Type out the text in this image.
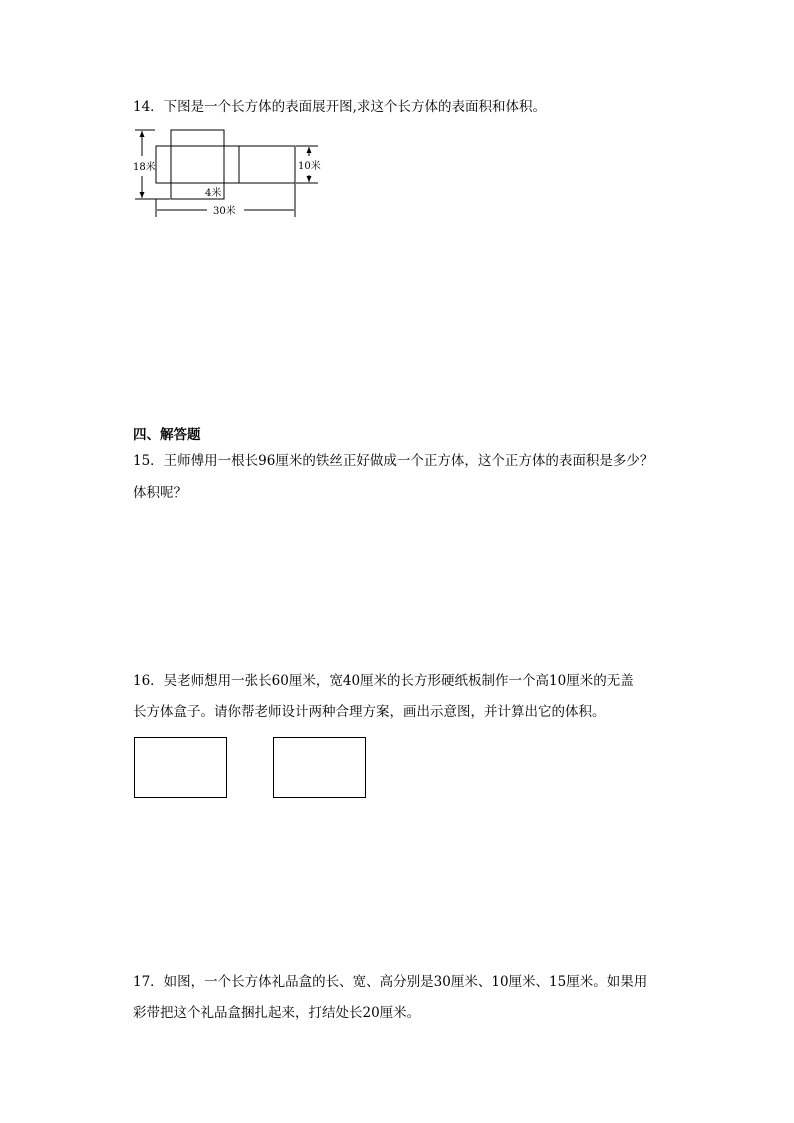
14．下图是一个长方体的表面展开图,求这个长方体的表面积和体积。
18米	10米
4米
30米
四、解答题
15．王师傅用一根长96厘米的铁丝正好做成一个正方体，这个正方体的表面积是多少？
体积呢？
16．吴老师想用一张长60厘米，宽40厘米的长方形硬纸板制作一个高10厘米的无盖
长方体盒子。请你帮老师设计两种合理方案，画出示意图，并计算出它的体积。
17．如图，一个长方体礼品盒的长、宽、高分别是30厘米、10厘米、15厘米。如果用
彩带把这个礼品盒捆扎起来，打结处长20厘米。
